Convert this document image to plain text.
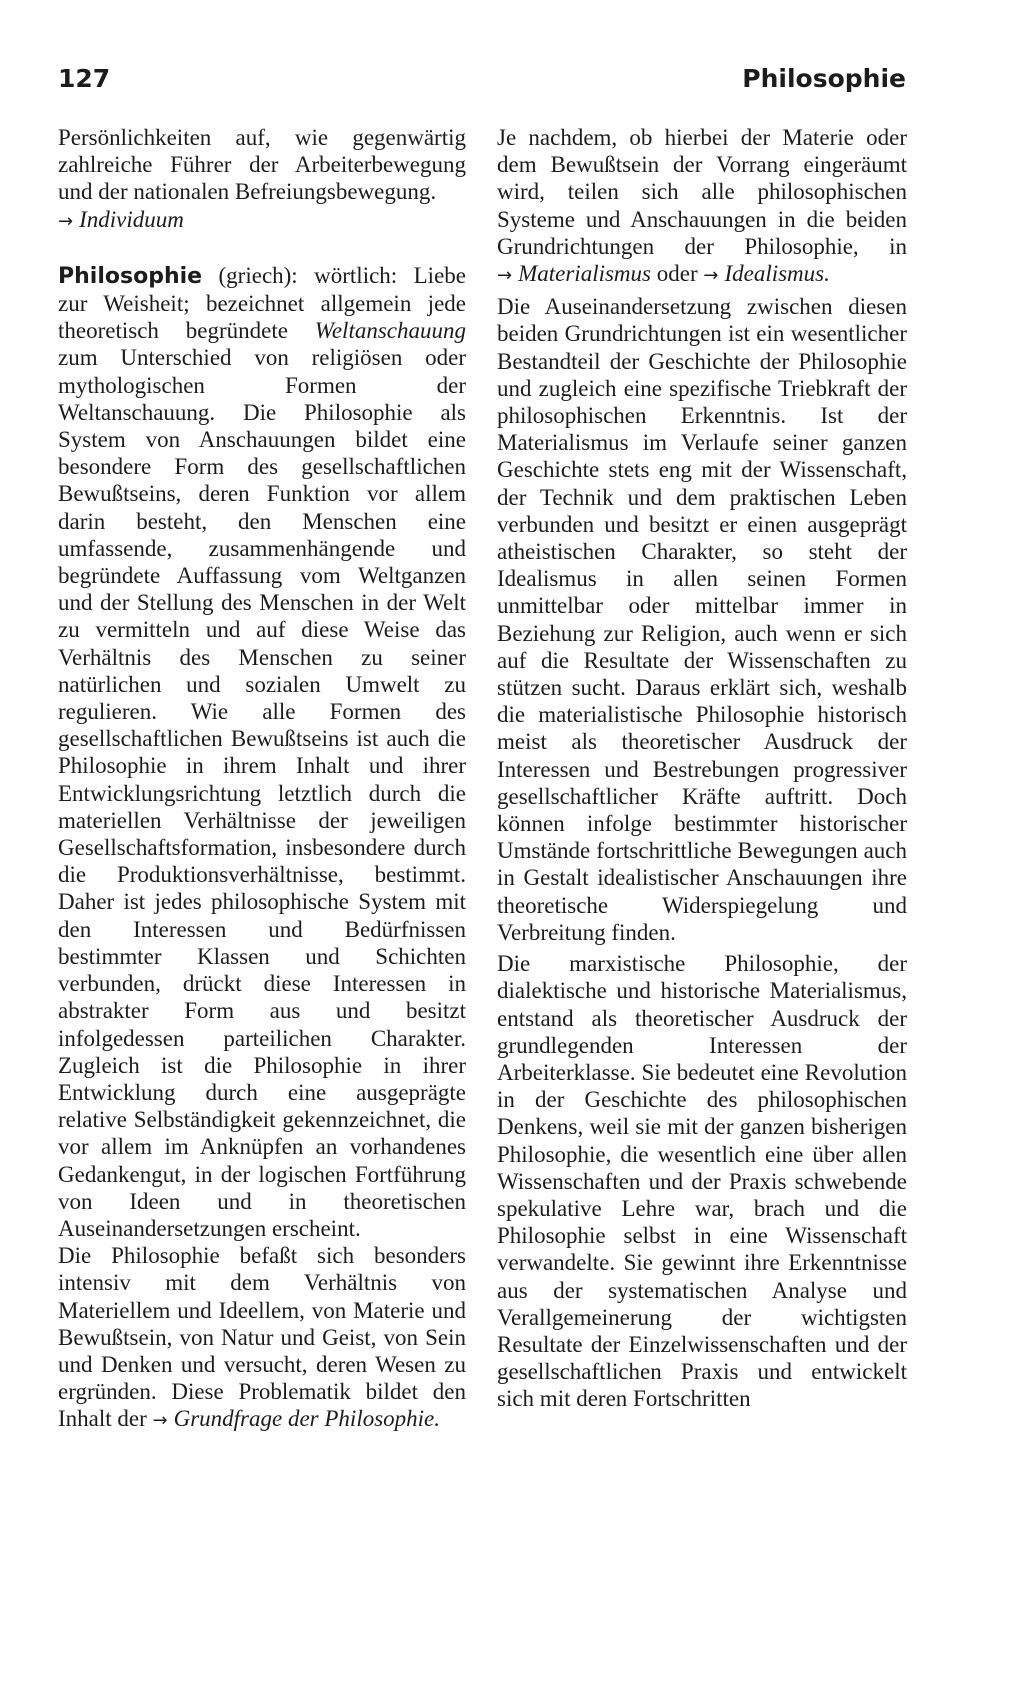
127	Philosophie

Persönlichkeiten auf, wie gegenwärtig zahlreiche Führer der Arbeiterbewegung und der nationalen Befreiungsbewegung.

→ Individuum

Philosophie (griech): wörtlich: Liebe zur Weisheit; bezeichnet allgemein jede theoretisch begründete Weltanschauung zum Unterschied von religiösen oder mythologischen Formen der Weltanschauung. Die Philosophie als System von Anschauungen bildet eine besondere Form des gesellschaftlichen Bewußtseins, deren Funktion vor allem darin besteht, den Menschen eine umfassende, zusammenhängende und begründete Auffassung vom Weltganzen und der Stellung des Menschen in der Welt zu vermitteln und auf diese Weise das Verhältnis des Menschen zu seiner natürlichen und sozialen Umwelt zu regulieren. Wie alle Formen des gesellschaftlichen Bewußtseins ist auch die Philosophie in ihrem Inhalt und ihrer Entwicklungsrichtung letztlich durch die materiellen Verhältnisse der jeweiligen Gesellschaftsformation, insbesondere durch die Produktionsverhältnisse, bestimmt. Daher ist jedes philosophische System mit den Interessen und Bedürfnissen bestimmter Klassen und Schichten verbunden, drückt diese Interessen in abstrakter Form aus und besitzt infolgedessen parteilichen Charakter. Zugleich ist die Philosophie in ihrer Entwicklung durch eine ausgeprägte relative Selbständigkeit gekennzeichnet, die vor allem im Anknüpfen an vorhandenes Gedankengut, in der logischen Fortführung von Ideen und in theoretischen Auseinandersetzungen erscheint.

Die Philosophie befaßt sich besonders intensiv mit dem Verhältnis von Materiellem und Ideellem, von Materie und Bewußtsein, von Natur und Geist, von Sein und Denken und versucht, deren Wesen zu ergründen. Diese Problematik bildet den Inhalt der → Grundfrage der Philosophie.

Je nachdem, ob hierbei der Materie oder dem Bewußtsein der Vorrang eingeräumt wird, teilen sich alle philosophischen Systeme und Anschauungen in die beiden Grundrichtungen der Philosophie, in → Materialismus oder → Idealismus.

Die Auseinandersetzung zwischen diesen beiden Grundrichtungen ist ein wesentlicher Bestandteil der Geschichte der Philosophie und zugleich eine spezifische Triebkraft der philosophischen Erkenntnis. Ist der Materialismus im Verlaufe seiner ganzen Geschichte stets eng mit der Wissenschaft, der Technik und dem praktischen Leben verbunden und besitzt er einen ausgeprägt atheistischen Charakter, so steht der Idealismus in allen seinen Formen unmittelbar oder mittelbar immer in Beziehung zur Religion, auch wenn er sich auf die Resultate der Wissenschaften zu stützen sucht. Daraus erklärt sich, weshalb die materialistische Philosophie historisch meist als theoretischer Ausdruck der Interessen und Bestrebungen progressiver gesellschaftlicher Kräfte auftritt. Doch können infolge bestimmter historischer Umstände fortschrittliche Bewegungen auch in Gestalt idealistischer Anschauungen ihre theoretische Widerspiegelung und Verbreitung finden.

Die marxistische Philosophie, der dialektische und historische Materialismus, entstand als theoretischer Ausdruck der grundlegenden Interessen der Arbeiterklasse. Sie bedeutet eine Revolution in der Geschichte des philosophischen Denkens, weil sie mit der ganzen bisherigen Philosophie, die wesentlich eine über allen Wissenschaften und der Praxis schwebende spekulative Lehre war, brach und die Philosophie selbst in eine Wissenschaft verwandelte. Sie gewinnt ihre Erkenntnisse aus der systematischen Analyse und Verallgemeinerung der wichtigsten Resultate der Einzelwissenschaften und der gesellschaftlichen Praxis und entwickelt sich mit deren Fortschritten
